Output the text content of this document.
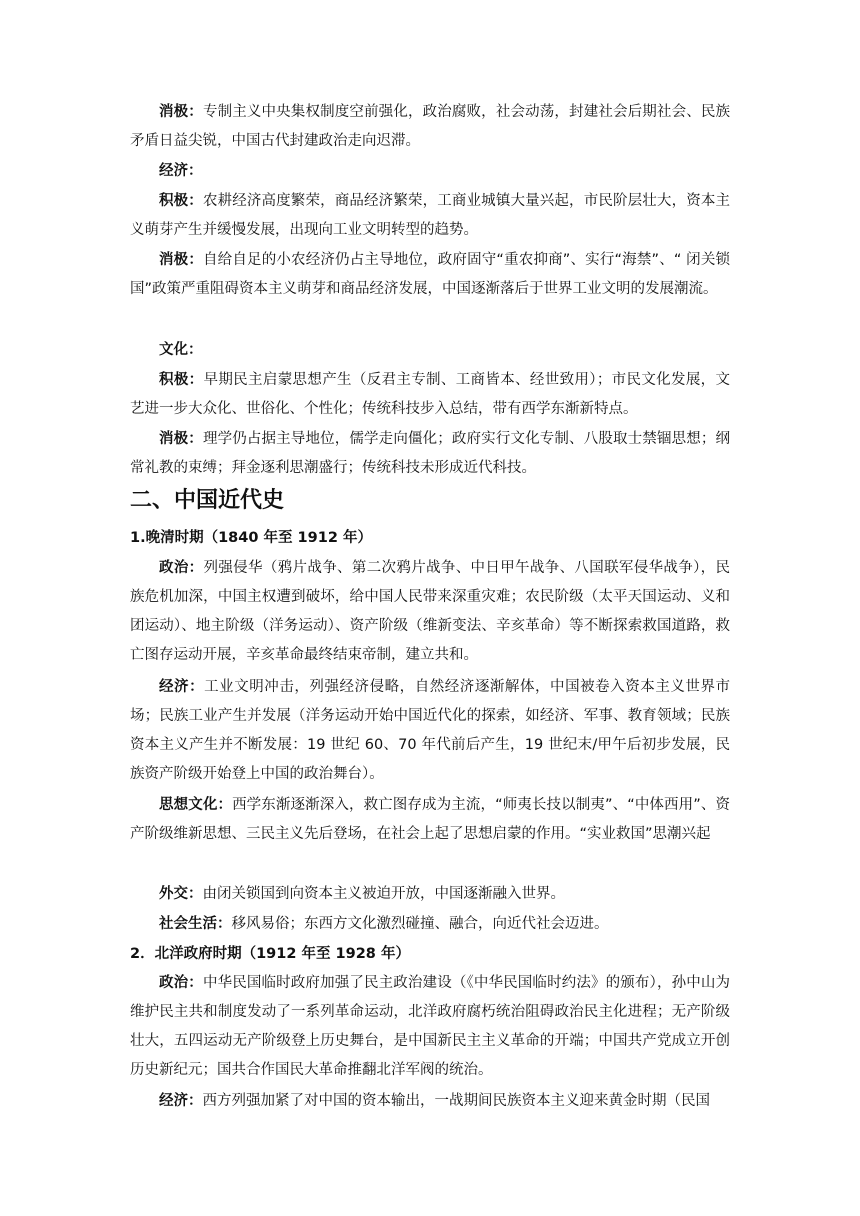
消极：专制主义中央集权制度空前强化，政治腐败，社会动荡，封建社会后期社会、民族矛盾日益尖锐，中国古代封建政治走向迟滞。
经济：
积极：农耕经济高度繁荣，商品经济繁荣，工商业城镇大量兴起，市民阶层壮大，资本主义萌芽产生并缓慢发展，出现向工业文明转型的趋势。
消极：自给自足的小农经济仍占主导地位，政府固守“重农抑商”、实行“海禁”、“ 闭关锁国”政策严重阻碍资本主义萌芽和商品经济发展，中国逐渐落后于世界工业文明的发展潮流。
文化：
积极：早期民主启蒙思想产生（反君主专制、工商皆本、经世致用）；市民文化发展，文艺进一步大众化、世俗化、个性化；传统科技步入总结，带有西学东渐新特点。
消极：理学仍占据主导地位，儒学走向僵化；政府实行文化专制、八股取士禁锢思想；纲常礼教的束缚；拜金逐利思潮盛行；传统科技未形成近代科技。
二、中国近代史
1.晚清时期（1840 年至 1912 年）
政治：列强侵华（鸦片战争、第二次鸦片战争、中日甲午战争、八国联军侵华战争），民族危机加深，中国主权遭到破坏，给中国人民带来深重灾难；农民阶级（太平天国运动、义和团运动）、地主阶级（洋务运动）、资产阶级（维新变法、辛亥革命）等不断探索救国道路，救亡图存运动开展，辛亥革命最终结束帝制，建立共和。
经济：工业文明冲击，列强经济侵略，自然经济逐渐解体，中国被卷入资本主义世界市场；民族工业产生并发展（洋务运动开始中国近代化的探索，如经济、军事、教育领域；民族资本主义产生并不断发展：19 世纪 60、70 年代前后产生，19 世纪末/甲午后初步发展，民族资产阶级开始登上中国的政治舞台）。
思想文化：西学东渐逐渐深入，救亡图存成为主流，“师夷长技以制夷”、“中体西用”、资产阶级维新思想、三民主义先后登场，在社会上起了思想启蒙的作用。“实业救国”思潮兴起
外交：由闭关锁国到向资本主义被迫开放，中国逐渐融入世界。
社会生活：移风易俗；东西方文化激烈碰撞、融合，向近代社会迈进。
2．北洋政府时期（1912 年至 1928 年）
政治：中华民国临时政府加强了民主政治建设（《中华民国临时约法》的颁布），孙中山为维护民主共和制度发动了一系列革命运动，北洋政府腐朽统治阻碍政治民主化进程；无产阶级壮大，五四运动无产阶级登上历史舞台，是中国新民主主义革命的开端；中国共产党成立开创历史新纪元；国共合作国民大革命推翻北洋军阀的统治。
经济：西方列强加紧了对中国的资本输出，一战期间民族资本主义迎来黄金时期（民国
